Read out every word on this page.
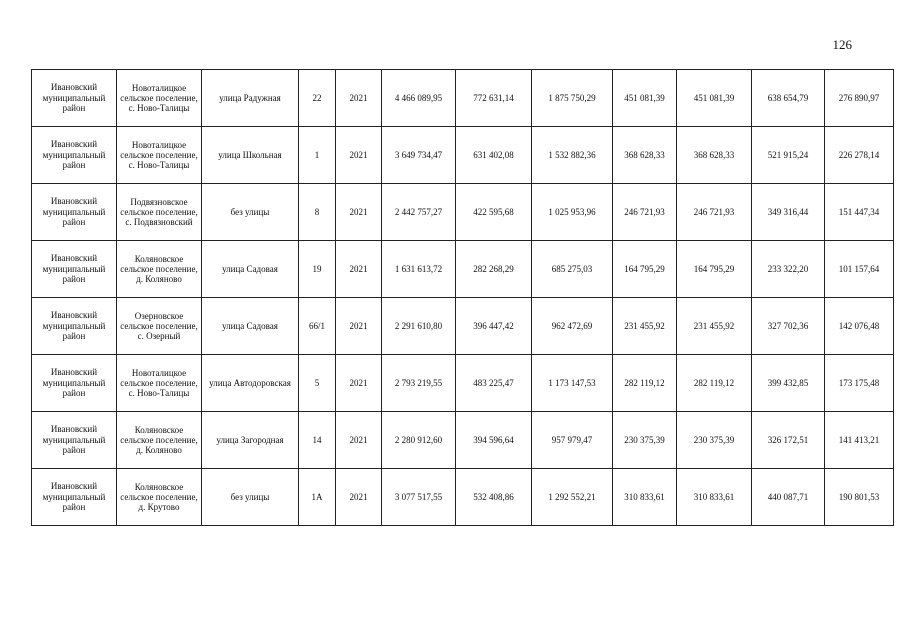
126
Ивановский муниципальный район	Новоталицкое сельское поселение, с. Ново-Талицы	улица Радужная	22	2021	4 466 089,95	772 631,14	1 875 750,29	451 081,39	451 081,39	638 654,79	276 890,97
Ивановский муниципальный район	Новоталицкое сельское поселение, с. Ново-Талицы	улица Школьная	1	2021	3 649 734,47	631 402,08	1 532 882,36	368 628,33	368 628,33	521 915,24	226 278,14
Ивановский муниципальный район	Подвязновское сельское поселение, с. Подвязновский	без улицы	8	2021	2 442 757,27	422 595,68	1 025 953,96	246 721,93	246 721,93	349 316,44	151 447,34
Ивановский муниципальный район	Коляновское сельское поселение, д. Коляново	улица Садовая	19	2021	1 631 613,72	282 268,29	685 275,03	164 795,29	164 795,29	233 322,20	101 157,64
Ивановский муниципальный район	Озерновское сельское поселение, с. Озерный	улица Садовая	66/1	2021	2 291 610,80	396 447,42	962 472,69	231 455,92	231 455,92	327 702,36	142 076,48
Ивановский муниципальный район	Новоталицкое сельское поселение, с. Ново-Талицы	улица Автодоровская	5	2021	2 793 219,55	483 225,47	1 173 147,53	282 119,12	282 119,12	399 432,85	173 175,48
Ивановский муниципальный район	Коляновское сельское поселение, д. Коляново	улица Загородная	14	2021	2 280 912,60	394 596,64	957 979,47	230 375,39	230 375,39	326 172,51	141 413,21
Ивановский муниципальный район	Коляновское сельское поселение, д. Крутово	без улицы	1А	2021	3 077 517,55	532 408,86	1 292 552,21	310 833,61	310 833,61	440 087,71	190 801,53
